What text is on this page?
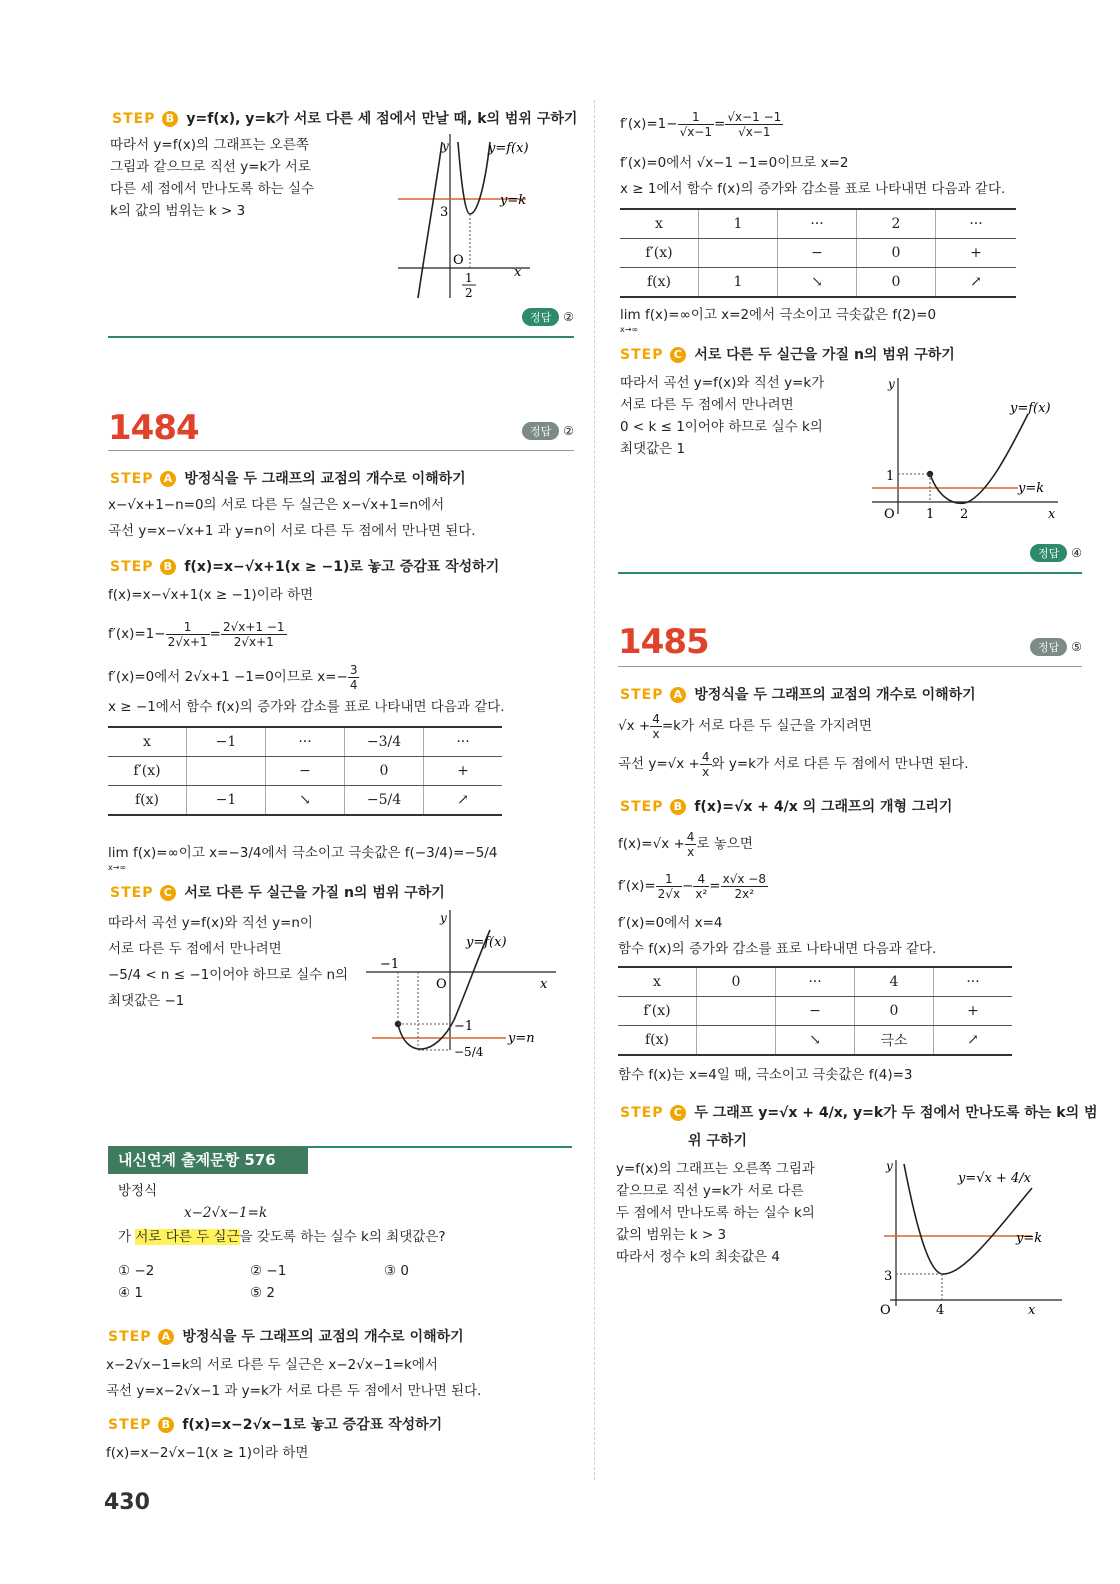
STEP B y=f(x), y=k가 서로 다른 세 점에서 만날 때, k의 범위 구하기
따라서 y=f(x)의 그래프는 오른쪽
그림과 같으므로 직선 y=k가 서로
다른 세 점에서 만나도록 하는 실수
k의 값의 범위는 k > 3
y	y=f(x)
y=k
3
O
1
2
x
정답 ②
1484	정답 ②
STEP A 방정식을 두 그래프의 교점의 개수로 이해하기
x−√x+1−n=0의 서로 다른 두 실근은 x−√x+1=n에서
곡선 y=x−√x+1 과 y=n이 서로 다른 두 점에서 만나면 된다.
STEP B f(x)=x−√x+1(x ≥ −1)로 놓고 증감표 작성하기
f(x)=x−√x+1(x ≥ −1)이라 하면
$f'(x)=1- \frac{1}{2√x+1} = \frac{2√x+1 -1}{2√x+1}$
f′(x)=0에서 2√x+1 −1=0이므로 $x=- \frac{3}{4}$
x ≥ −1에서 함수 f(x)의 증가와 감소를 표로 나타내면 다음과 같다.
x	−1	···	−3/4	···
f′(x)		−	0	+
f(x)	−1	↘	−5/4	↗
lim f(x)=∞이고 x=−3/4에서 극소이고 극솟값은 f(−3/4)=−5/4
x→∞
STEP C 서로 다른 두 실근을 가질 n의 범위 구하기
따라서 곡선 y=f(x)와 직선 y=n이
서로 다른 두 점에서 만나려면
−5/4 < n ≤ −1이어야 하므로 실수 n의
최댓값은 −1
y
y=f(x)
−1
O	x
y=n
−1
−5/4
내신연계 출제문항 576
방정식
x−2√x−1=k
가 서로 다른 두 실근을 갖도록 하는 실수 k의 최댓값은?
① −2	② −1	③ 0
④ 1	⑤ 2
STEP A 방정식을 두 그래프의 교점의 개수로 이해하기
x−2√x−1=k의 서로 다른 두 실근은 x−2√x−1=k에서
곡선 y=x−2√x−1 과 y=k가 서로 다른 두 점에서 만나면 된다.
STEP B f(x)=x−2√x−1로 놓고 증감표 작성하기
f(x)=x−2√x−1(x ≥ 1)이라 하면
430
$f'(x)=1- \frac{1}{√x-1} = \frac{√x-1 -1}{√x-1}$
f′(x)=0에서 √x−1 −1=0이므로 x=2
x ≥ 1에서 함수 f(x)의 증가와 감소를 표로 나타내면 다음과 같다.
x	1	···	2	···
f′(x)		−	0	+
f(x)	1	↘	0	↗
lim f(x)=∞이고 x=2에서 극소이고 극솟값은 f(2)=0
x→∞
STEP C 서로 다른 두 실근을 가질 n의 범위 구하기
따라서 곡선 y=f(x)와 직선 y=k가
서로 다른 두 점에서 만나려면
0 < k ≤ 1이어야 하므로 실수 k의
최댓값은 1
y
y=f(x)
1
y=k
O 1 2	x
정답 ④
1485	정답 ⑤
STEP A 방정식을 두 그래프의 교점의 개수로 이해하기
$√x + \frac{4}{x} =k$가 서로 다른 두 실근을 가지려면
곡선 $y=√x + \frac{4}{x}$ 와 y=k가 서로 다른 두 점에서 만나면 된다.
STEP B f(x)=√x + 4/x 의 그래프의 개형 그리기
$f(x)=√x + \frac{4}{x}$ 로 놓으면
$f'(x)= \frac{1}{2√x} - \frac{4}{\text{x²}} = \frac{x√x -8}{\text{2x²}}$
f′(x)=0에서 x=4
함수 f(x)의 증가와 감소를 표로 나타내면 다음과 같다.
x	0	···	4	···
f′(x)		−	0	+
f(x)		↘	극소	↗
함수 f(x)는 x=4일 때, 극소이고 극솟값은 f(4)=3
STEP C 두 그래프 y=√x + 4/x, y=k가 두 점에서 만나도록 하는 k의 범
위 구하기
y=f(x)의 그래프는 오른쪽 그림과
같으므로 직선 y=k가 서로 다른
두 점에서 만나도록 하는 실수 k의
값의 범위는 k > 3
따라서 정수 k의 최솟값은 4
y
y=√x + 4/x
y=k
3
O	4	x
